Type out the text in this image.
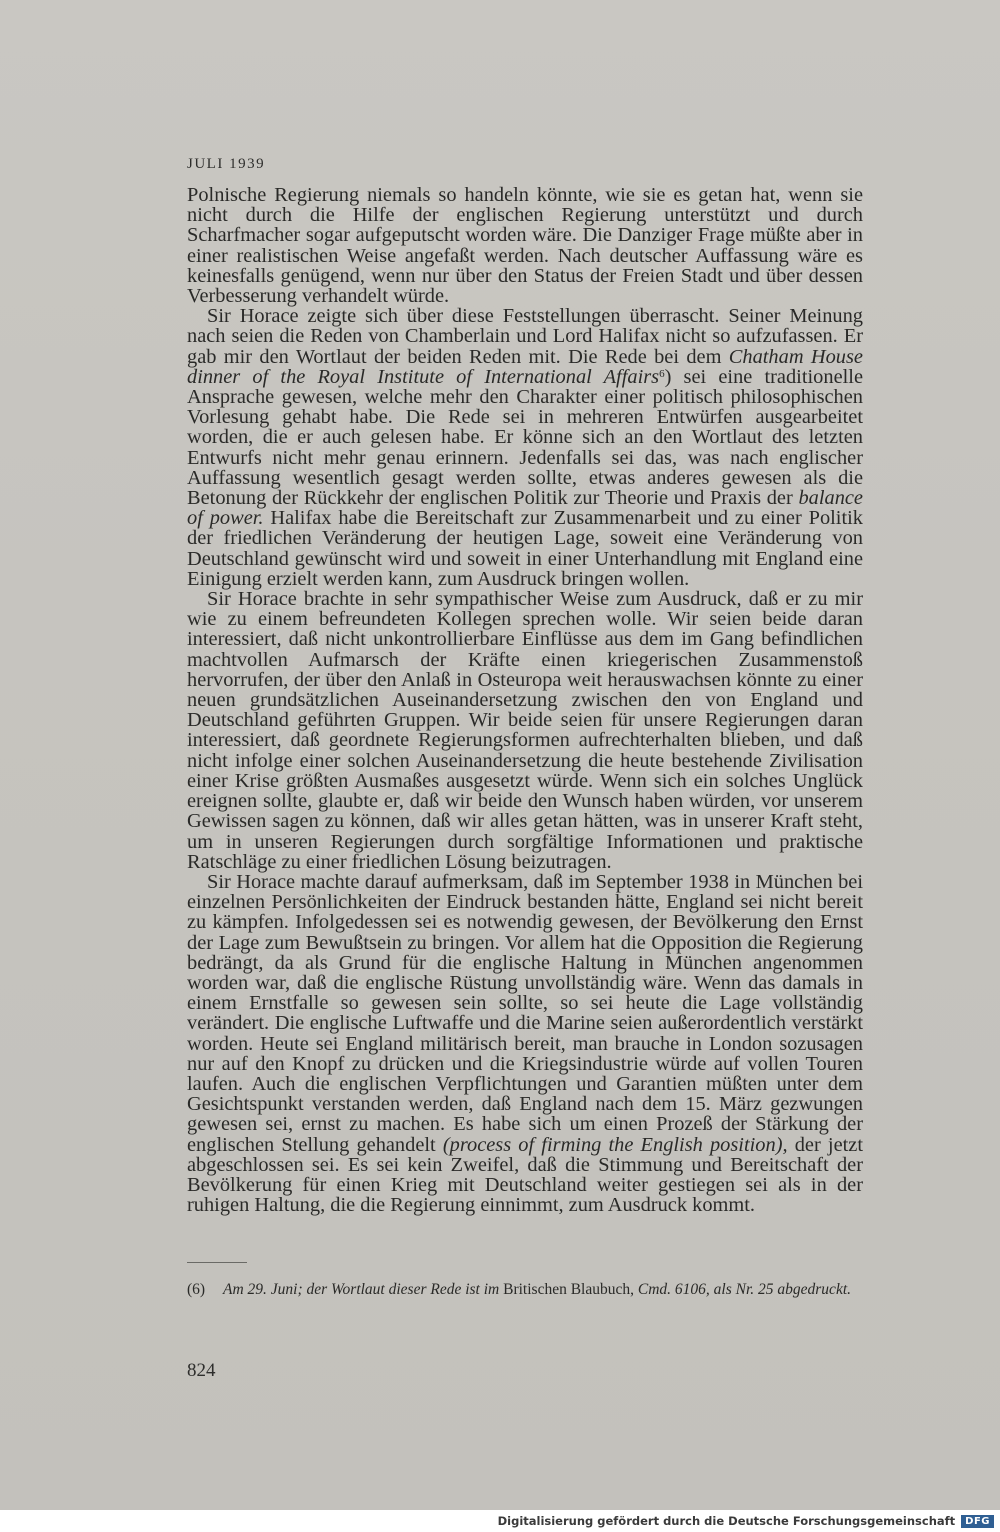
JULI 1939

Polnische Regierung niemals so handeln könnte, wie sie es getan hat, wenn sie nicht durch die Hilfe der englischen Regierung unterstützt und durch Scharfmacher sogar aufgeputscht worden wäre. Die Danziger Frage müßte aber in einer realistischen Weise angefaßt werden. Nach deutscher Auffassung wäre es keinesfalls genügend, wenn nur über den Status der Freien Stadt und über dessen Verbesserung verhandelt würde.

Sir Horace zeigte sich über diese Feststellungen überrascht. Seiner Meinung nach seien die Reden von Chamberlain und Lord Halifax nicht so aufzufassen. Er gab mir den Wortlaut der beiden Reden mit. Die Rede bei dem Chatham House dinner of the Royal Institute of International Affairs$^6$) sei eine traditionelle Ansprache gewesen, welche mehr den Charakter einer politisch philosophischen Vorlesung gehabt habe. Die Rede sei in mehreren Entwürfen ausgearbeitet worden, die er auch gelesen habe. Er könne sich an den Wortlaut des letzten Entwurfs nicht mehr genau erinnern. Jedenfalls sei das, was nach englischer Auffassung wesentlich gesagt werden sollte, etwas anderes gewesen als die Betonung der Rückkehr der englischen Politik zur Theorie und Praxis der balance of power. Halifax habe die Bereitschaft zur Zusammenarbeit und zu einer Politik der friedlichen Veränderung der heutigen Lage, soweit eine Veränderung von Deutschland gewünscht wird und soweit in einer Unterhandlung mit England eine Einigung erzielt werden kann, zum Ausdruck bringen wollen.

Sir Horace brachte in sehr sympathischer Weise zum Ausdruck, daß er zu mir wie zu einem befreundeten Kollegen sprechen wolle. Wir seien beide daran interessiert, daß nicht unkontrollierbare Einflüsse aus dem im Gang befindlichen machtvollen Aufmarsch der Kräfte einen kriegerischen Zusammenstoß hervorrufen, der über den Anlaß in Osteuropa weit herauswachsen könnte zu einer neuen grundsätzlichen Auseinandersetzung zwischen den von England und Deutschland geführten Gruppen. Wir beide seien für unsere Regierungen daran interessiert, daß geordnete Regierungsformen aufrechterhalten blieben, und daß nicht infolge einer solchen Auseinandersetzung die heute bestehende Zivilisation einer Krise größten Ausmaßes ausgesetzt würde. Wenn sich ein solches Unglück ereignen sollte, glaubte er, daß wir beide den Wunsch haben würden, vor unserem Gewissen sagen zu können, daß wir alles getan hätten, was in unserer Kraft steht, um in unseren Regierungen durch sorgfältige Informationen und praktische Ratschläge zu einer friedlichen Lösung beizutragen.

Sir Horace machte darauf aufmerksam, daß im September 1938 in München bei einzelnen Persönlichkeiten der Eindruck bestanden hätte, England sei nicht bereit zu kämpfen. Infolgedessen sei es notwendig gewesen, der Bevölkerung den Ernst der Lage zum Bewußtsein zu bringen. Vor allem hat die Opposition die Regierung bedrängt, da als Grund für die englische Haltung in München angenommen worden war, daß die englische Rüstung unvollständig wäre. Wenn das damals in einem Ernstfalle so gewesen sein sollte, so sei heute die Lage vollständig verändert. Die englische Luftwaffe und die Marine seien außerordentlich verstärkt worden. Heute sei England militärisch bereit, man brauche in London sozusagen nur auf den Knopf zu drücken und die Kriegsindustrie würde auf vollen Touren laufen. Auch die englischen Verpflichtungen und Garantien müßten unter dem Gesichtspunkt verstanden werden, daß England nach dem 15. März gezwungen gewesen sei, ernst zu machen. Es habe sich um einen Prozeß der Stärkung der englischen Stellung gehandelt (process of firming the English position), der jetzt abgeschlossen sei. Es sei kein Zweifel, daß die Stimmung und Bereitschaft der Bevölkerung für einen Krieg mit Deutschland weiter gestiegen sei als in der ruhigen Haltung, die die Regierung einnimmt, zum Ausdruck kommt.

(6)	Am 29. Juni; der Wortlaut dieser Rede ist im Britischen Blaubuch, Cmd. 6106, als Nr. 25 abgedruckt.
824
Digitalisierung gefördert durch die Deutsche Forschungsgemeinschaft	DFG
